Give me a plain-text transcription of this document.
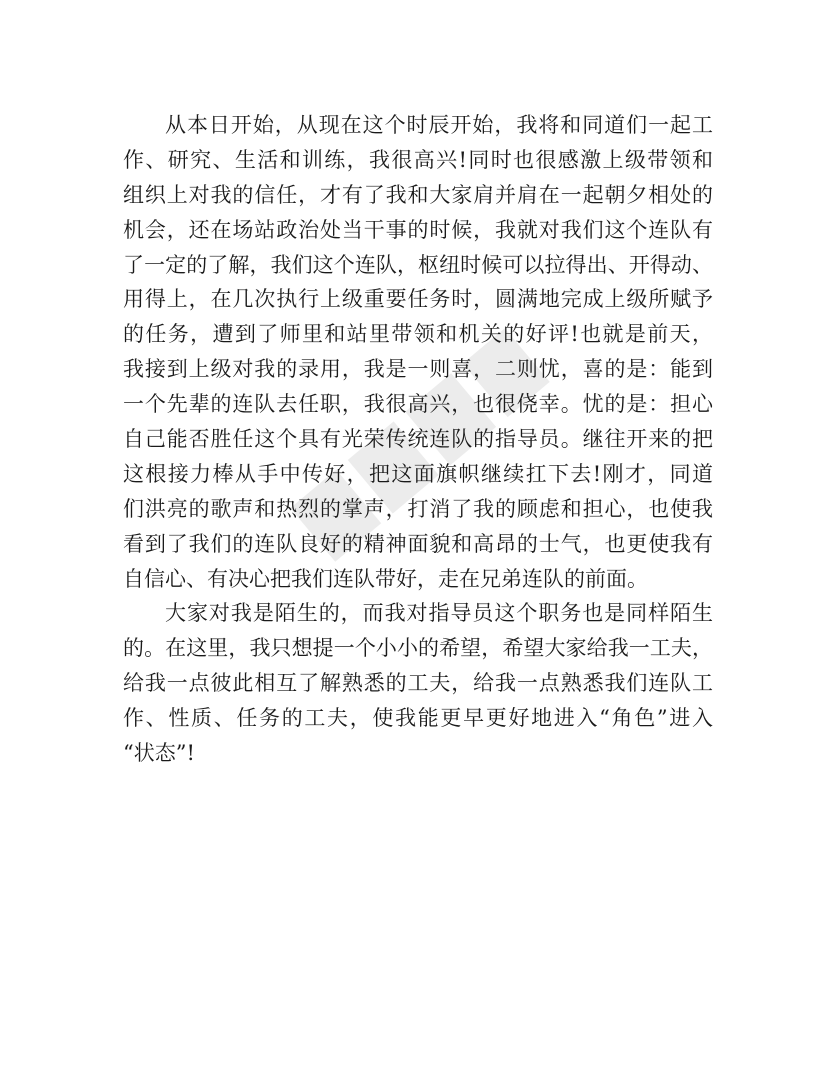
从本日开始，从现在这个时辰开始，我将和同道们一起工
作、研究、生活和训练，我很高兴!同时也很感激上级带领和
组织上对我的信任，才有了我和大家肩并肩在一起朝夕相处的
机会，还在场站政治处当干事的时候，我就对我们这个连队有
了一定的了解，我们这个连队，枢纽时候可以拉得出、开得动、
用得上，在几次执行上级重要任务时，圆满地完成上级所赋予
的任务，遭到了师里和站里带领和机关的好评!也就是前天，
我接到上级对我的录用，我是一则喜，二则忧，喜的是：能到
一个先辈的连队去任职，我很高兴，也很侥幸。忧的是：担心
自己能否胜任这个具有光荣传统连队的指导员。继往开来的把
这根接力棒从手中传好，把这面旗帜继续扛下去!刚才，同道
们洪亮的歌声和热烈的掌声，打消了我的顾虑和担心，也使我
看到了我们的连队良好的精神面貌和高昂的士气，也更使我有
自信心、有决心把我们连队带好，走在兄弟连队的前面。
大家对我是陌生的，而我对指导员这个职务也是同样陌生
的。在这里，我只想提一个小小的希望，希望大家给我一工夫，
给我一点彼此相互了解熟悉的工夫，给我一点熟悉我们连队工
作、性质、任务的工夫，使我能更早更好地进入“角色”进入
“状态”!
